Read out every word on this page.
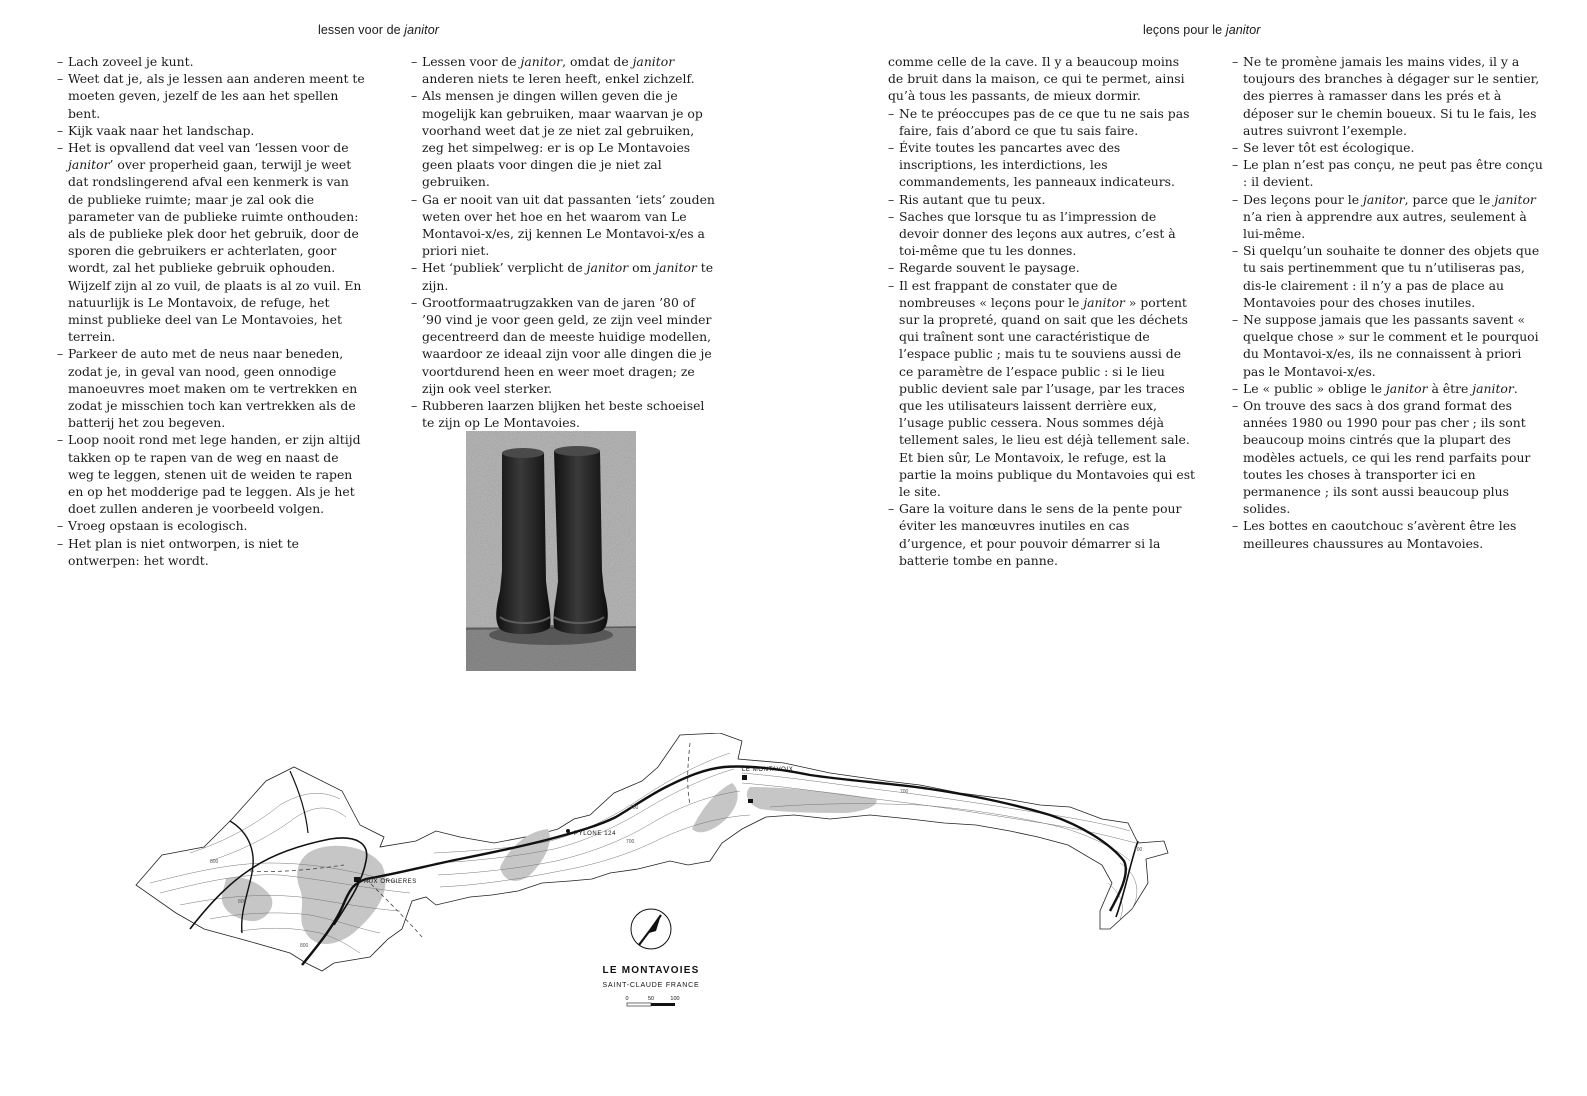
lessen voor de janitor	leçons pour le janitor
– Lach zoveel je kunt.
– Weet dat je, als je lessen aan anderen meent te moeten geven, jezelf de les aan het spellen bent.
– Kijk vaak naar het landschap.
– Het is opvallend dat veel van ‘lessen voor de janitor’ over properheid gaan, terwijl je weet dat rondslingerend afval een kenmerk is van de publieke ruimte; maar je zal ook die parameter van de publieke ruimte onthouden: als de publieke plek door het gebruik, door de sporen die gebruikers er achterlaten, goor wordt, zal het publieke gebruik ophouden. Wijzelf zijn al zo vuil, de plaats is al zo vuil. En natuurlijk is Le Montavoix, de refuge, het minst publieke deel van Le Montavoies, het terrein.
– Parkeer de auto met de neus naar beneden, zodat je, in geval van nood, geen onnodige manoeuvres moet maken om te vertrekken en zodat je misschien toch kan vertrekken als de batterij het zou begeven.
– Loop nooit rond met lege handen, er zijn altijd takken op te rapen van de weg en naast de weg te leggen, stenen uit de weiden te rapen en op het modderige pad te leggen. Als je het doet zullen anderen je voorbeeld volgen.
– Vroeg opstaan is ecologisch.
– Het plan is niet ontworpen, is niet te ontwerpen: het wordt.
– Lessen voor de janitor, omdat de janitor anderen niets te leren heeft, enkel zichzelf.
– Als mensen je dingen willen geven die je mogelijk kan gebruiken, maar waarvan je op voorhand weet dat je ze niet zal gebruiken, zeg het simpelweg: er is op Le Montavoies geen plaats voor dingen die je niet zal gebruiken.
– Ga er nooit van uit dat passanten ‘iets’ zouden weten over het hoe en het waarom van Le Montavoi-x/es, zij kennen Le Montavoi-x/es a priori niet.
– Het ‘publiek’ verplicht de janitor om janitor te zijn.
– Grootformaatrugzakken van de jaren ’80 of ’90 vind je voor geen geld, ze zijn veel minder gecentreerd dan de meeste huidige modellen, waardoor ze ideaal zijn voor alle dingen die je voortdurend heen en weer moet dragen; ze zijn ook veel sterker.
– Rubberen laarzen blijken het beste schoeisel te zijn op Le Montavoies.
comme celle de la cave. Il y a beaucoup moins de bruit dans la maison, ce qui te permet, ainsi qu’à tous les passants, de mieux dormir.
– Ne te préoccupes pas de ce que tu ne sais pas faire, fais d’abord ce que tu sais faire.
– Évite toutes les pancartes avec des inscriptions, les interdictions, les commandements, les panneaux indicateurs.
– Ris autant que tu peux.
– Saches que lorsque tu as l’impression de devoir donner des leçons aux autres, c’est à toi-même que tu les donnes.
– Regarde souvent le paysage.
– Il est frappant de constater que de nombreuses « leçons pour le janitor » portent sur la propreté, quand on sait que les déchets qui traînent sont une caractéristique de l’espace public ; mais tu te souviens aussi de ce paramètre de l’espace public : si le lieu public devient sale par l’usage, par les traces que les utilisateurs laissent derrière eux, l’usage public cessera. Nous sommes déjà tellement sales, le lieu est déjà tellement sale. Et bien sûr, Le Montavoix, le refuge, est la partie la moins publique du Montavoies qui est le site.
– Gare la voiture dans le sens de la pente pour éviter les manœuvres inutiles en cas d’urgence, et pour pouvoir démarrer si la batterie tombe en panne.
– Ne te promène jamais les mains vides, il y a toujours des branches à dégager sur le sentier, des pierres à ramasser dans les prés et à déposer sur le chemin boueux. Si tu le fais, les autres suivront l’exemple.
– Se lever tôt est écologique.
– Le plan n’est pas conçu, ne peut pas être conçu : il devient.
– Des leçons pour le janitor, parce que le janitor n’a rien à apprendre aux autres, seulement à lui-même.
– Si quelqu’un souhaite te donner des objets que tu sais pertinemment que tu n’utiliseras pas, dis-le clairement : il n’y a pas de place au Montavoies pour des choses inutiles.
– Ne suppose jamais que les passants savent « quelque chose » sur le comment et le pourquoi du Montavoi-x/es, ils ne connaissent à priori pas le Montavoi-x/es.
– Le « public » oblige le janitor à être janitor.
– On trouve des sacs à dos grand format des années 1980 ou 1990 pour pas cher ; ils sont beaucoup moins cintrés que la plupart des modèles actuels, ce qui les rend parfaits pour toutes les choses à transporter ici en permanence ; ils sont aussi beaucoup plus solides.
– Les bottes en caoutchouc s’avèrent être les meilleures chaussures au Montavoies.
AUX ORGIERES
PYLONE 124
LE MONTAVOIX
800
700
700
700
700
800
800
LE MONTAVOIES
SAINT-CLAUDE FRANCE
0	50	100
